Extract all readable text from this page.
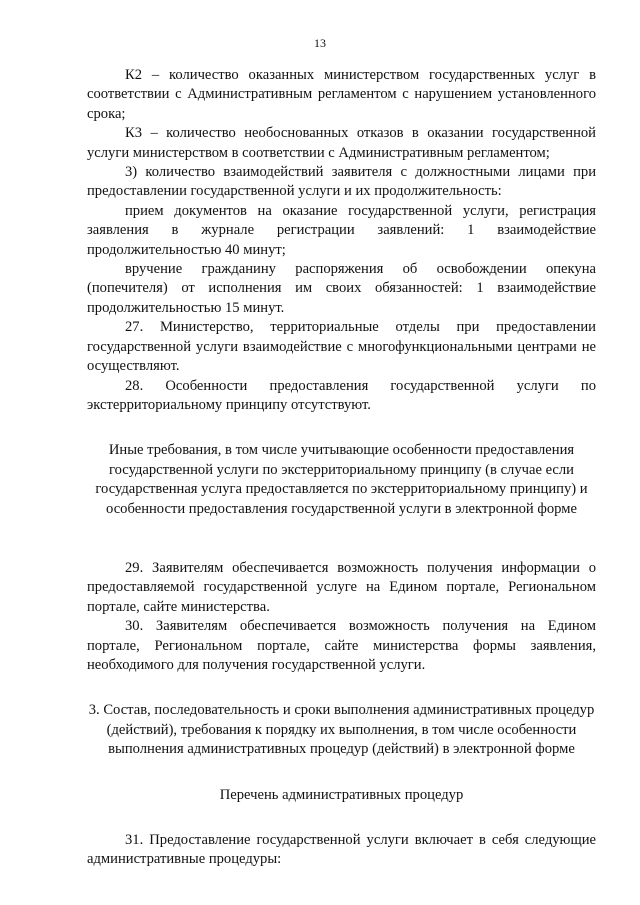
13

К2 – количество оказанных министерством государственных услуг в соответствии с Административным регламентом с нарушением установленного срока;

К3 – количество необоснованных отказов в оказании государственной услуги министерством в соответствии с Административным регламентом;

3) количество взаимодействий заявителя с должностными лицами при предоставлении государственной услуги и их продолжительность:

прием документов на оказание государственной услуги, регистрация заявления в журнале регистрации заявлений: 1 взаимодействие продолжительностью 40 минут;

вручение гражданину распоряжения об освобождении опекуна (попечителя) от исполнения им своих обязанностей: 1 взаимодействие продолжительностью 15 минут.

27. Министерство, территориальные отделы при предоставлении государственной услуги взаимодействие с многофункциональными центрами не осуществляют.

28. Особенности предоставления государственной услуги по экстерриториальному принципу отсутствуют.

Иные требования, в том числе учитывающие особенности предоставления государственной услуги по экстерриториальному принципу (в случае если государственная услуга предоставляется по экстерриториальному принципу) и особенности предоставления государственной услуги в электронной форме

29. Заявителям обеспечивается возможность получения информации о предоставляемой государственной услуге на Едином портале, Региональном портале, сайте министерства.

30. Заявителям обеспечивается возможность получения на Едином портале, Региональном портале, сайте министерства формы заявления, необходимого для получения государственной услуги.

3. Состав, последовательность и сроки выполнения административных процедур (действий), требования к порядку их выполнения, в том числе особенности выполнения административных процедур (действий) в электронной форме

Перечень административных процедур

31. Предоставление государственной услуги включает в себя следующие административные процедуры:
